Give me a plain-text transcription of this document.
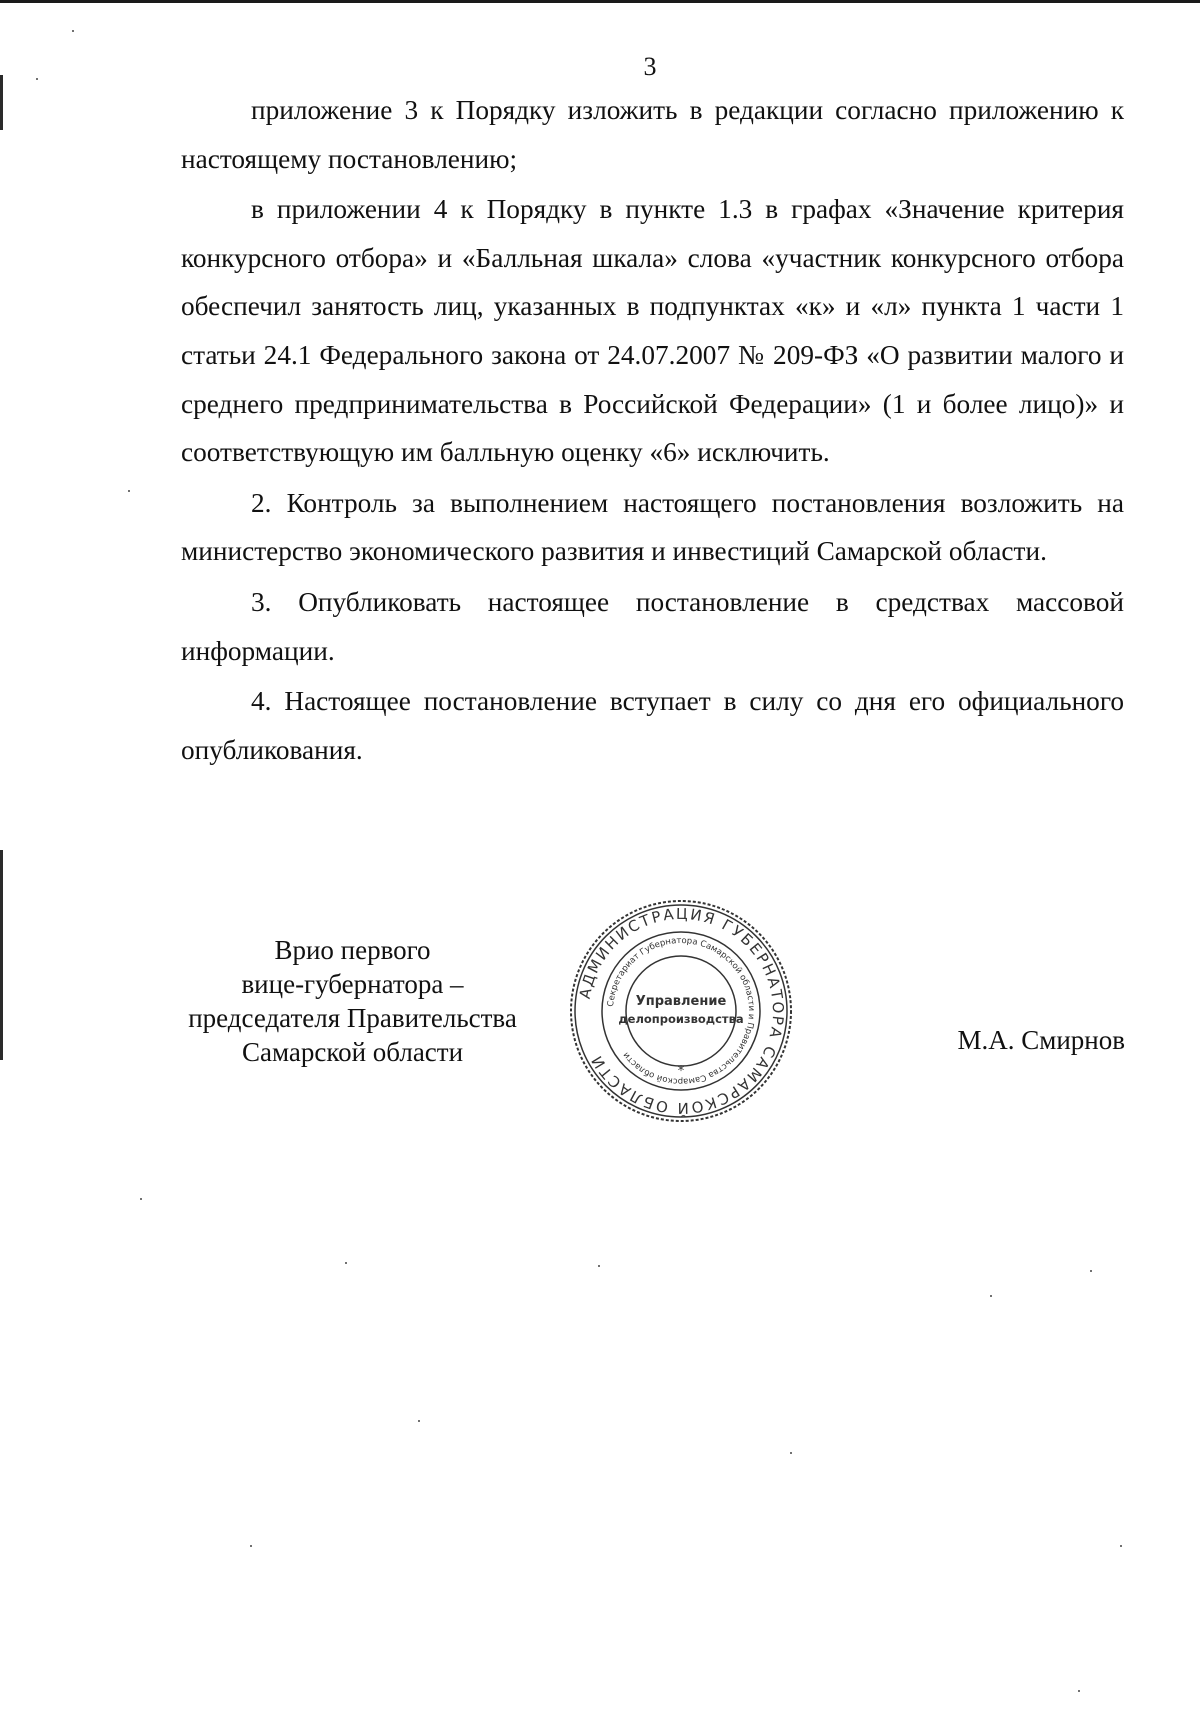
3

приложение 3 к Порядку изложить в редакции согласно приложению к настоящему постановлению;

в приложении 4 к Порядку в пункте 1.3 в графах «Значение критерия конкурсного отбора» и «Балльная шкала» слова «участник конкурсного отбора обеспечил занятость лиц, указанных в подпунктах «к» и «л» пункта 1 части 1 статьи 24.1 Федерального закона от 24.07.2007 № 209-ФЗ «О развитии малого и среднего предпринимательства в Российской Федерации» (1 и более лицо)» и соответствующую им балльную оценку «6» исключить.

2. Контроль за выполнением настоящего постановления возложить на министерство экономического развития и инвестиций Самарской области.

3. Опубликовать настоящее постановление в средствах массовой информации.

4. Настоящее постановление вступает в силу со дня его официального опубликования.

Врио первого
вице-губернатора –
председателя Правительства
Самарской области	М.А. Смирнов
АДМИНИСТРАЦИЯ ГУБЕРНАТОРА САМАРСКОЙ ОБЛАСТИ
Секретариат Губернатора Самарской области и Правительства Самарской области
Управление
делопроизводства
*
